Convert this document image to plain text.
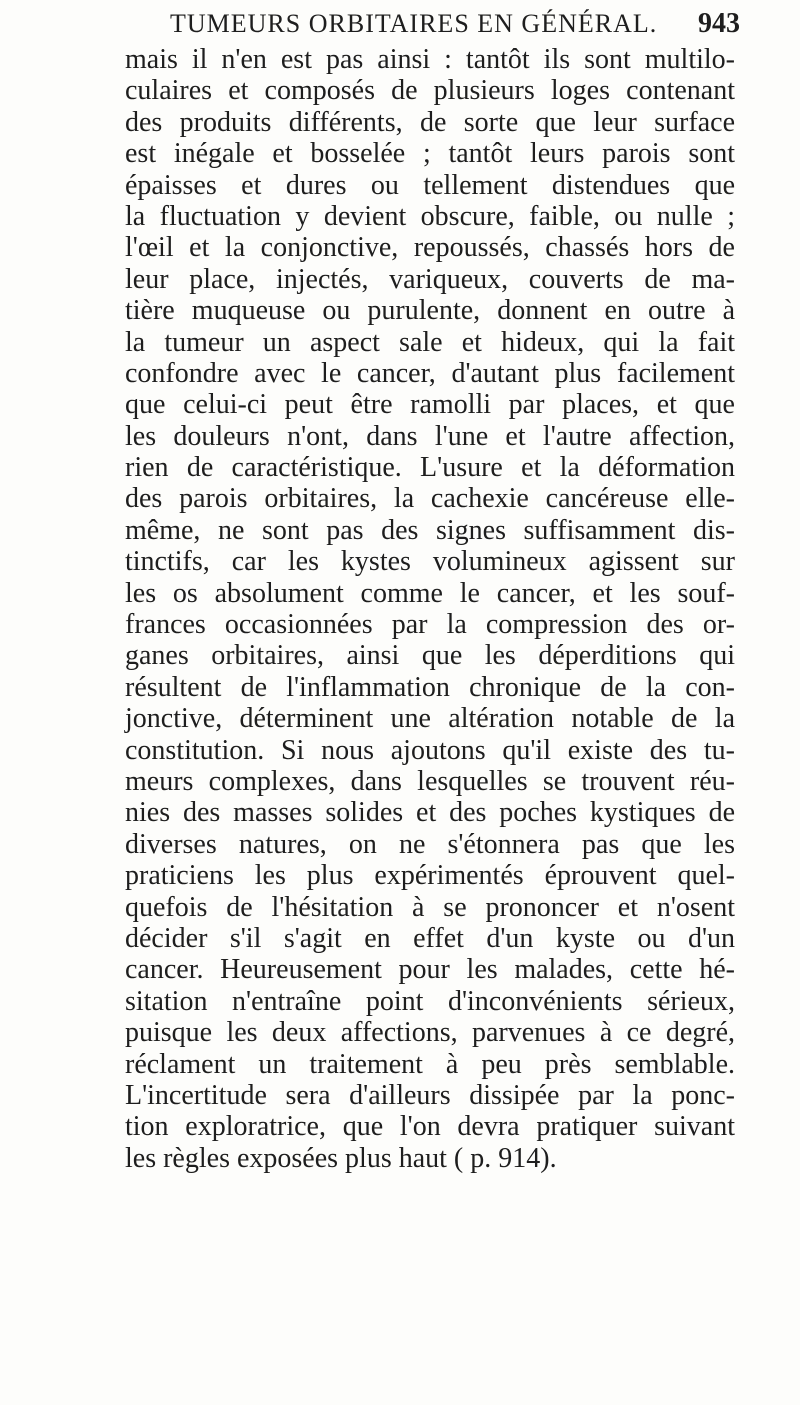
TUMEURS ORBITAIRES EN GÉNÉRAL. 943
mais il n'en est pas ainsi : tantôt ils sont multilo-
culaires et composés de plusieurs loges contenant
des produits différents, de sorte que leur surface
est inégale et bosselée ; tantôt leurs parois sont
épaisses et dures ou tellement distendues que
la fluctuation y devient obscure, faible, ou nulle ;
l'œil et la conjonctive, repoussés, chassés hors de
leur place, injectés, variqueux, couverts de ma-
tière muqueuse ou purulente, donnent en outre à
la tumeur un aspect sale et hideux, qui la fait
confondre avec le cancer, d'autant plus facilement
que celui-ci peut être ramolli par places, et que
les douleurs n'ont, dans l'une et l'autre affection,
rien de caractéristique. L'usure et la déformation
des parois orbitaires, la cachexie cancéreuse elle-
même, ne sont pas des signes suffisamment dis-
tinctifs, car les kystes volumineux agissent sur
les os absolument comme le cancer, et les souf-
frances occasionnées par la compression des or-
ganes orbitaires, ainsi que les déperditions qui
résultent de l'inflammation chronique de la con-
jonctive, déterminent une altération notable de la
constitution. Si nous ajoutons qu'il existe des tu-
meurs complexes, dans lesquelles se trouvent réu-
nies des masses solides et des poches kystiques de
diverses natures, on ne s'étonnera pas que les
praticiens les plus expérimentés éprouvent quel-
quefois de l'hésitation à se prononcer et n'osent
décider s'il s'agit en effet d'un kyste ou d'un
cancer. Heureusement pour les malades, cette hé-
sitation n'entraîne point d'inconvénients sérieux,
puisque les deux affections, parvenues à ce degré,
réclament un traitement à peu près semblable.
L'incertitude sera d'ailleurs dissipée par la ponc-
tion exploratrice, que l'on devra pratiquer suivant
les règles exposées plus haut ( p. 914).
